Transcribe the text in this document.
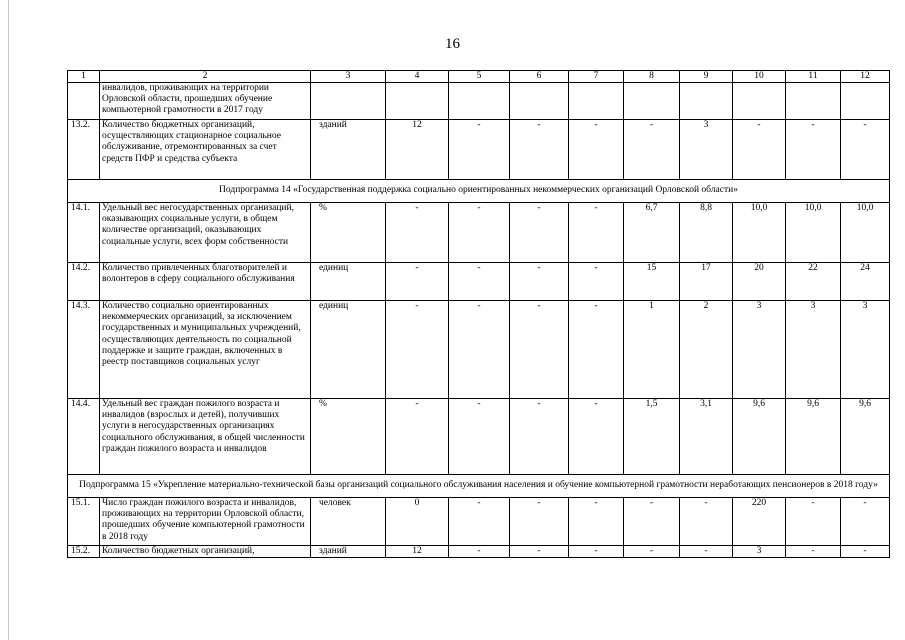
16
1	2	3	4	5	6	7	8	9	10	11	12
	инвалидов, проживающих на территории Орловской области, прошедших обучение компьютерной грамотности в 2017 году										
13.2.	Количество бюджетных организаций, осуществляющих стационарное социальное обслуживание, отремонтированных за счет средств ПФР и средства субъекта	зданий	12	-	-	-	-	3	-	-	-
Подпрограмма 14 «Государственная поддержка социально ориентированных некоммерческих организаций Орловской области»											
14.1.	Удельный вес негосударственных организаций, оказывающих социальные услуги, в общем количестве организаций, оказывающих социальные услуги, всех форм собственности	%	-	-	-	-	6,7	8,8	10,0	10,0	10,0
14.2.	Количество привлеченных благотворителей и волонтеров в сферу социального обслуживания	единиц	-	-	-	-	15	17	20	22	24
14.3.	Количество социально ориентированных некоммерческих организаций, за исключением государственных и муниципальных учреждений, осуществляющих деятельность по социальной поддержке и защите граждан, включенных в реестр поставщиков социальных услуг	единиц	-	-	-	-	1	2	3	3	3
14.4.	Удельный вес граждан пожилого возраста и инвалидов (взрослых и детей), получивших услуги в негосударственных организациях социального обслуживания, в общей численности граждан пожилого возраста и инвалидов	%	-	-	-	-	1,5	3,1	9,6	9,6	9,6
Подпрограмма 15 «Укрепление материально-технической базы организаций социального обслуживания населения и обучение компьютерной грамотности неработающих пенсионеров в 2018 году»											
15.1.	Число граждан пожилого возраста и инвалидов, проживающих на территории Орловской области, прошедших обучение компьютерной грамотности в 2018 году	человек	0	-	-	-	-	-	220	-	-
15.2.	Количество бюджетных организаций,	зданий	12	-	-	-	-	-	3	-	-
